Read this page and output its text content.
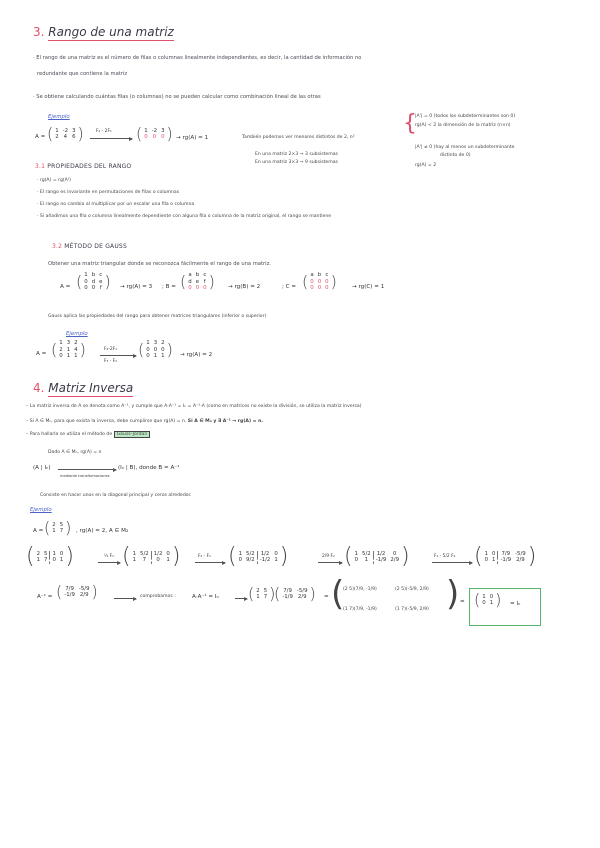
3. Rango de una matriz
· El rango de una matriz es el número de filas o columnas linealmente independientes, es decir, la cantidad de información no
redundante que contiene la matriz
· Se obtiene calculando cuántas filas (o columnas) no se pueden calcular como combinación lineal de las otras
Ejemplo
A = ( 1	-2	3
2	4	6 )	F₂ - 2F₁ ( 1	-2	3
0	0	0 ) → rg(A) = 1	También podemos ver menores distintos de 2, n²
En una matriz 2×3 → 3 subsistemas
En una matriz 3×3 → 9 subsistemas
{
|A'| = 0 (todos los subdeterminantes son 0)
rg(A) < 2 la dimensión de la matriz (n×n)
|A'| ≠ 0 (hay al menos un subdeterminante
distinto de 0)
rg(A) = 2
3.1 PROPIEDADES DEL RANGO
· rg(A) = rg(Aᵗ)
· El rango es invariante en permutaciones de filas o columnas
· El rango no cambia al multiplicar por un escalar una fila o columna
· Si añadimos una fila o columna linealmente dependiente con alguna fila o columna de la matriz original, el rango se mantiene
3.2 MÉTODO DE GAUSS
Obtener una matriz triangular donde se reconozca fácilmente el rango de una matriz.
A = ( 1	b	c
0	d	e
0	0	f ) → rg(A) = 3 ; B = ( a	b	c
d	e	f
0	0	0 ) → rg(B) = 2	; C = ( a	b	c
0	0	0
0	0	0 )	→ rg(C) = 1
Gauss aplica las propiedades del rango para obtener matrices triangulares (inferior o superior)
Ejemplo
A = ( 1	3	2
2	1	4
0	1	1 )	F₂-2F₁
F₃ - F₂
( 1	3	2
0	0	0
0	1	1 ) → rg(A) = 2
4. Matriz Inversa
– La matriz inversa de A se denota como A⁻¹, y cumple que A·A⁻¹ = Iₙ = A⁻¹·A (como en matrices no existe la división, se utiliza la matriz inversa)
– Si A ∈ Mₙ, para que exista la inversa, debe cumplirse que rg(A) = n. Si A ∈ Mₙ y ∃ A⁻¹ → rg(A) = n.
– Para hallarla se utiliza el método de Gauss-Jordan
Dado A ∈ Mₙ, rg(A) = n
(A | Iₙ)
mediante transformaciones
(Iₙ | B), donde B = A⁻¹
Consiste en hacer unos en la diagonal principal y ceros alrededor.
Ejemplo
A = ( 2	5
1	7 ) , rg(A) = 2, A ∈ M₂
( 2	5	1	0
1	7	0	1 )	½ F₁ ( 1	5/2	1/2	0
1	7	0	1 )	F₂ - F₁ ( 1	5/2	1/2	0
0	9/2	-1/2	1 )	2/9 F₂ ( 1	5/2	1/2	0
0	1	-1/9	2/9 )	F₁ - 5/2 F₂ ( 1	0	7/9	-5/9
0	1	-1/9	2/9 )
A⁻¹ = ( 7/9	-5/9
-1/9	2/9 )	comprobamos :	A·A⁻¹ = Iₙ ( 2	5
1	7 )
( 7/9	-5/9
-1/9	2/9 ) = (
(2 5)(7/9, -1/9)	(2 5)(-5/9, 2/9)
(1 7)(7/9, -1/9)	(1 7)(-5/9, 2/9) ) = ( 1	0
0	1 ) = Iₙ
